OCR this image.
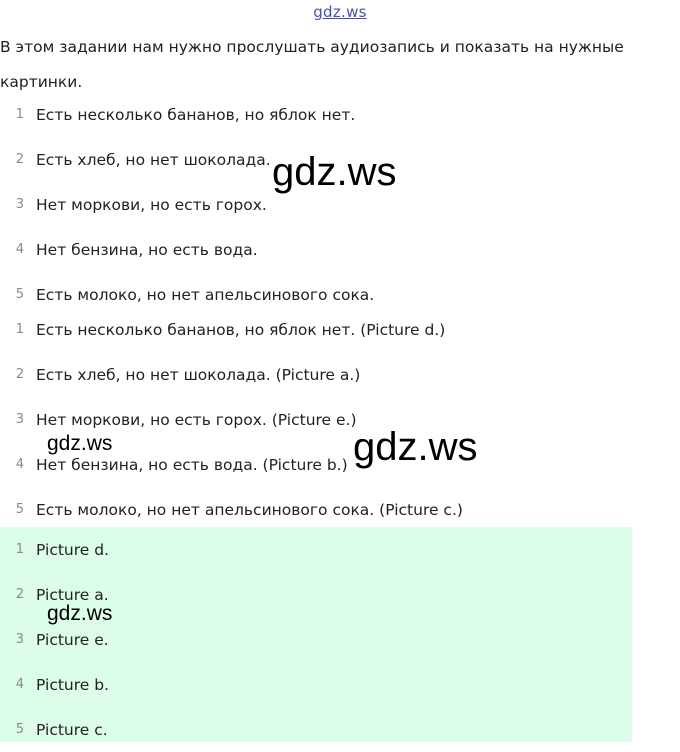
gdz.ws
В этом задании нам нужно прослушать аудиозапись и показать на нужные картинки.
1 Есть несколько бананов, но яблок нет.
2 Есть хлеб, но нет шоколада.
3 Нет моркови, но есть горох.
4 Нет бензина, но есть вода.
5 Есть молоко, но нет апельсинового сока.
1 Есть несколько бананов, но яблок нет. (Picture d.)
2 Есть хлеб, но нет шоколада. (Picture a.)
3 Нет моркови, но есть горох. (Picture e.)
4 Нет бензина, но есть вода. (Picture b.)
5 Есть молоко, но нет апельсинового сока. (Picture c.)
1 Picture d.
2 Picture a.
3 Picture e.
4 Picture b.
5 Picture c.
gdz.ws
gdz.ws
gdz.ws
gdz.ws
